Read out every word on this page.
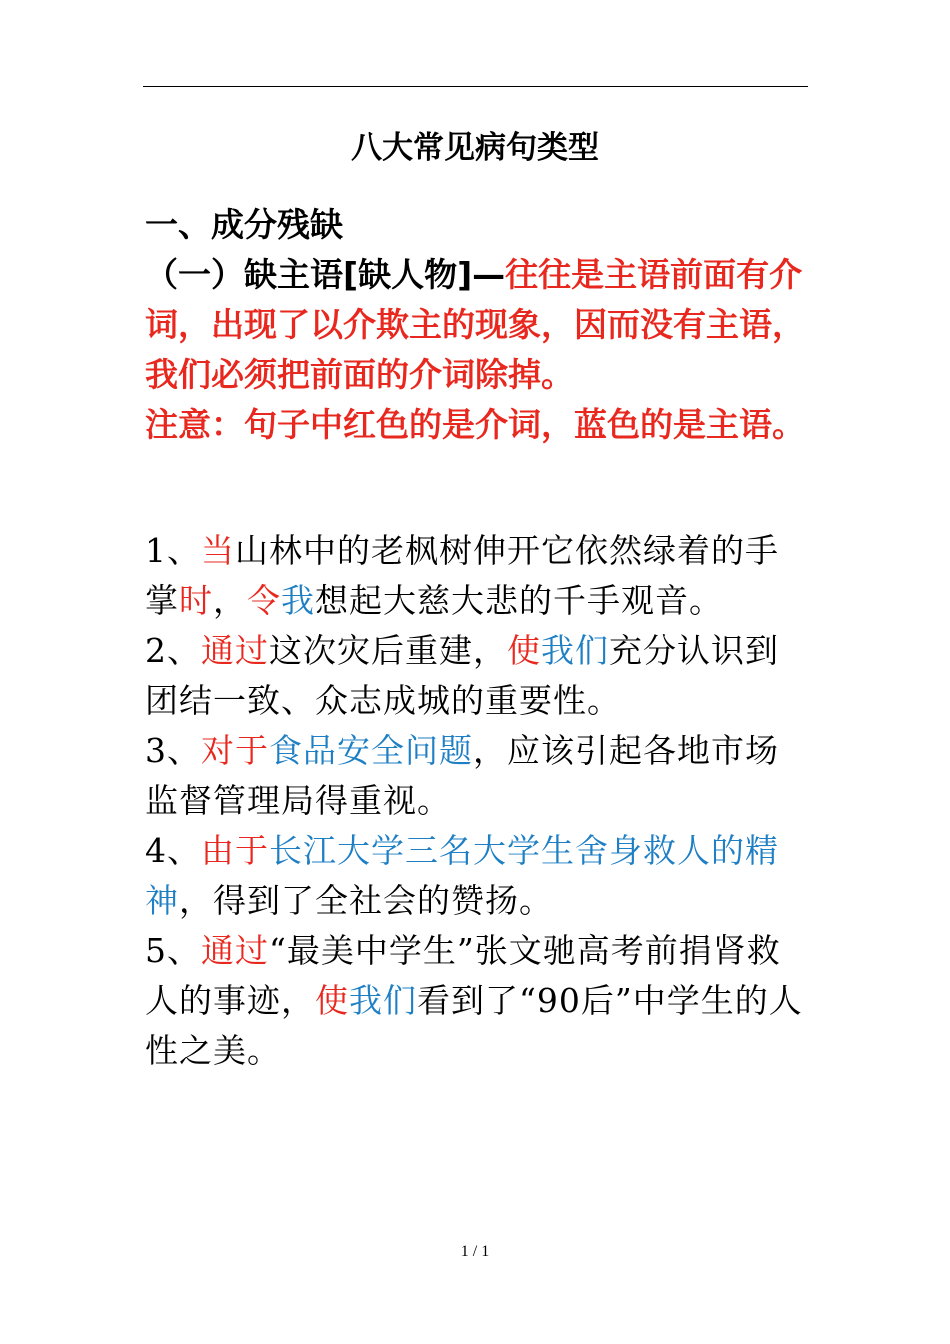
八大常见病句类型

一、成分残缺

（一）缺主语[缺人物]—往往是主语前面有介词，出现了以介欺主的现象，因而没有主语，我们必须把前面的介词除掉。

注意：句子中红色的是介词，蓝色的是主语。

1、当山林中的老枫树伸开它依然绿着的手掌时，令我想起大慈大悲的千手观音。

2、通过这次灾后重建，使我们充分认识到团结一致、众志成城的重要性。

3、对于食品安全问题，应该引起各地市场监督管理局得重视。

4、由于长江大学三名大学生舍身救人的精神，得到了全社会的赞扬。

5、通过“最美中学生”张文驰高考前捐肾救人的事迹，使我们看到了“90后”中学生的人性之美。

1 / 1
